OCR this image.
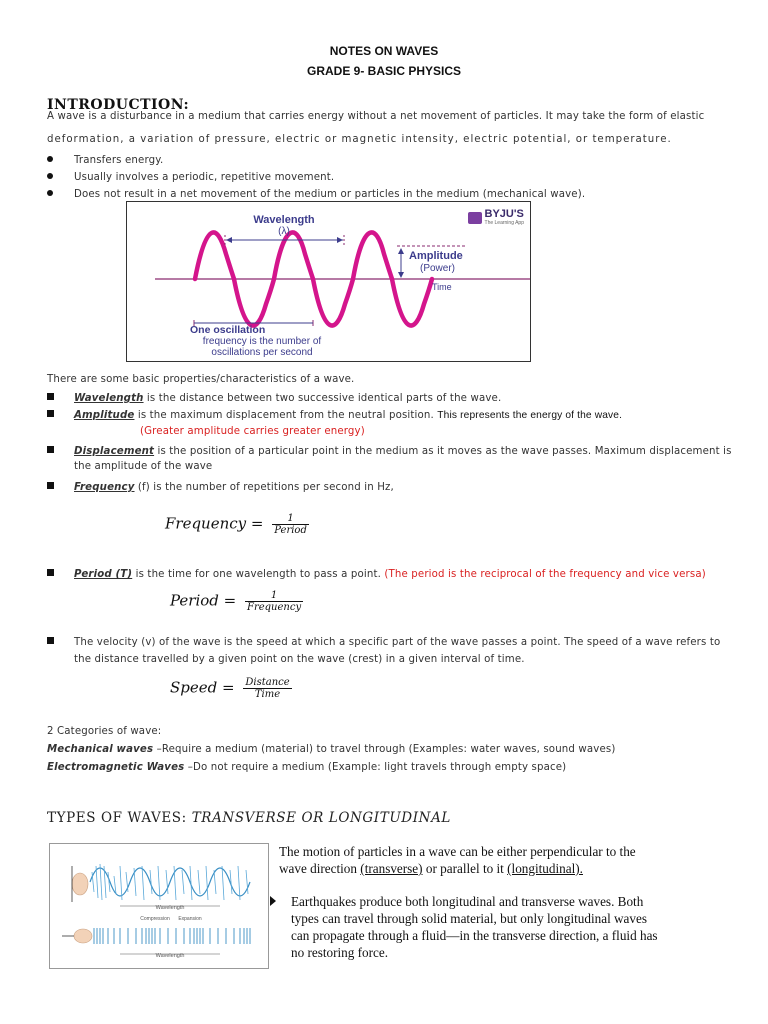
NOTES ON WAVES
GRADE 9- BASIC PHYSICS
INTRODUCTION:
A wave is a disturbance in a medium that carries energy without a net movement of particles. It may take the form of elastic
deformation, a variation of pressure, electric or magnetic intensity, electric potential, or temperature.
Transfers energy.
Usually involves a periodic, repetitive movement.
Does not result in a net movement of the medium or particles in the medium (mechanical wave).
Wavelength
(λ)
Amplitude
(Power)
Time
One oscillation
frequency is the number of
oscillations per second
BYJU'S
The Learning App
There are some basic properties/characteristics of a wave.
Wavelength is the distance between two successive identical parts of the wave.
Amplitude is the maximum displacement from the neutral position. This represents the energy of the wave.
(Greater amplitude carries greater energy)
Displacement is the position of a particular point in the medium as it moves as the wave passes. Maximum displacement is
the amplitude of the wave
Frequency (f) is the number of repetitions per second in Hz,
Frequency = $\frac{1}{\text{Period}}$
Period (T) is the time for one wavelength to pass a point. (The period is the reciprocal of the frequency and vice versa)
Period = $\frac{1}{\text{Frequency}}$
The velocity (v) of the wave is the speed at which a specific part of the wave passes a point. The speed of a wave refers to
the distance travelled by a given point on the wave (crest) in a given interval of time.
Speed = $\frac{\text{Distance}}{\text{Time}}$
2 Categories of wave:
Mechanical waves –Require a medium (material) to travel through (Examples: water waves, sound waves)
Electromagnetic Waves –Do not require a medium (Example: light travels through empty space)
TYPES OF WAVES: TRANSVERSE OR LONGITUDINAL
Wavelength
Compression Expansion
Wavelength
The motion of particles in a wave can be either perpendicular to the
wave direction (transverse) or parallel to it (longitudinal).
Earthquakes produce both longitudinal and transverse waves. Both
types can travel through solid material, but only longitudinal waves
can propagate through a fluid—in the transverse direction, a fluid has
no restoring force.
